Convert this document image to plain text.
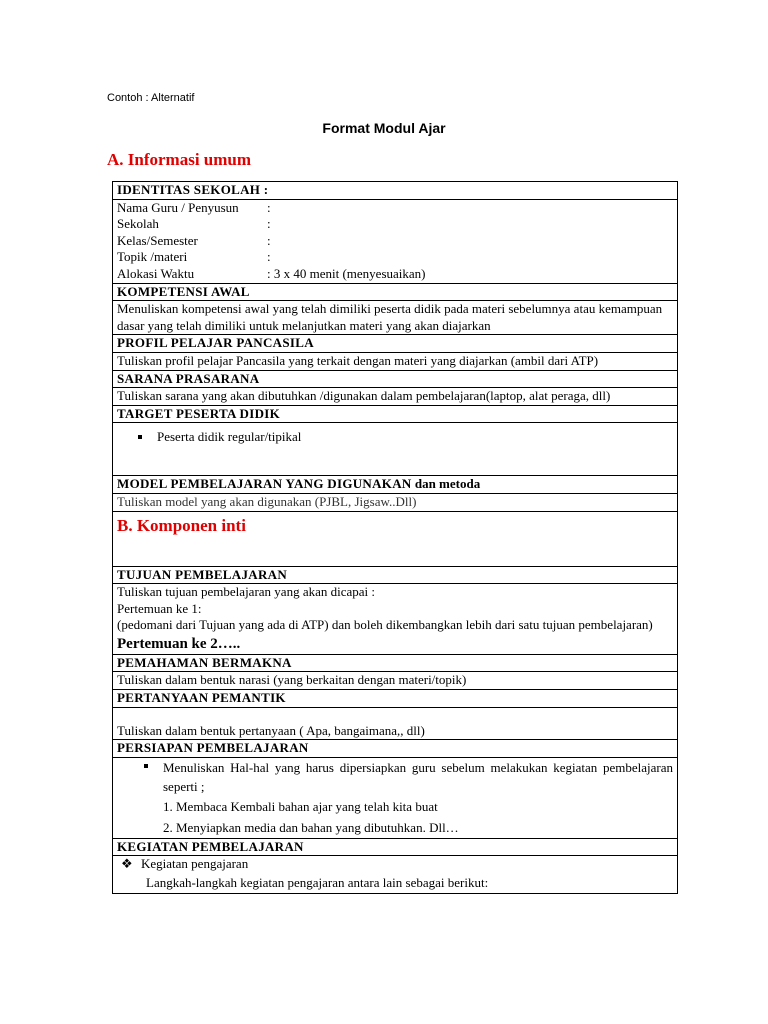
Contoh : Alternatif
Format Modul Ajar
A. Informasi umum
IDENTITAS SEKOLAH :

Nama Guru / Penyusun	:
Sekolah	:
Kelas/Semester	:
Topik /materi	:
Alokasi Waktu	: 3 x 40 menit (menyesuaikan)

KOMPETENSI AWAL
Menuliskan kompetensi awal yang telah dimiliki peserta didik pada materi sebelumnya atau kemampuan dasar yang telah dimiliki untuk melanjutkan materi yang akan diajarkan
PROFIL PELAJAR PANCASILA
Tuliskan profil pelajar Pancasila yang terkait dengan materi yang diajarkan (ambil dari ATP)
SARANA PRASARANA
Tuliskan sarana yang akan dibutuhkan /digunakan dalam pembelajaran(laptop, alat peraga, dll)
TARGET PESERTA DIDIK

Peserta didik regular/tipikal

MODEL PEMBELAJARAN YANG DIGUNAKAN dan metoda
Tuliskan model yang akan digunakan (PJBL, Jigsaw..Dll)
B. Komponen inti
TUJUAN PEMBELAJARAN

Tuliskan tujuan pembelajaran yang akan dicapai :
Pertemuan ke 1:
(pedomani dari Tujuan yang ada di ATP) dan boleh dikembangkan lebih dari satu tujuan pembelajaran)
Pertemuan ke 2…..

PEMAHAMAN BERMAKNA
Tuliskan dalam bentuk narasi (yang berkaitan dengan materi/topik)
PERTANYAAN PEMANTIK
Tuliskan dalam bentuk pertanyaan ( Apa, bangaimana,, dll)
PERSIAPAN PEMBELAJARAN

Menuliskan Hal-hal yang harus dipersiapkan guru sebelum melakukan kegiatan pembelajaran seperti ;
1. Membaca Kembali bahan ajar yang telah kita buat
2. Menyiapkan media dan bahan yang dibutuhkan. Dll…

KEGIATAN PEMBELAJARAN

❖ Kegiatan pengajaran
Langkah-langkah kegiatan pengajaran antara lain sebagai berikut:
